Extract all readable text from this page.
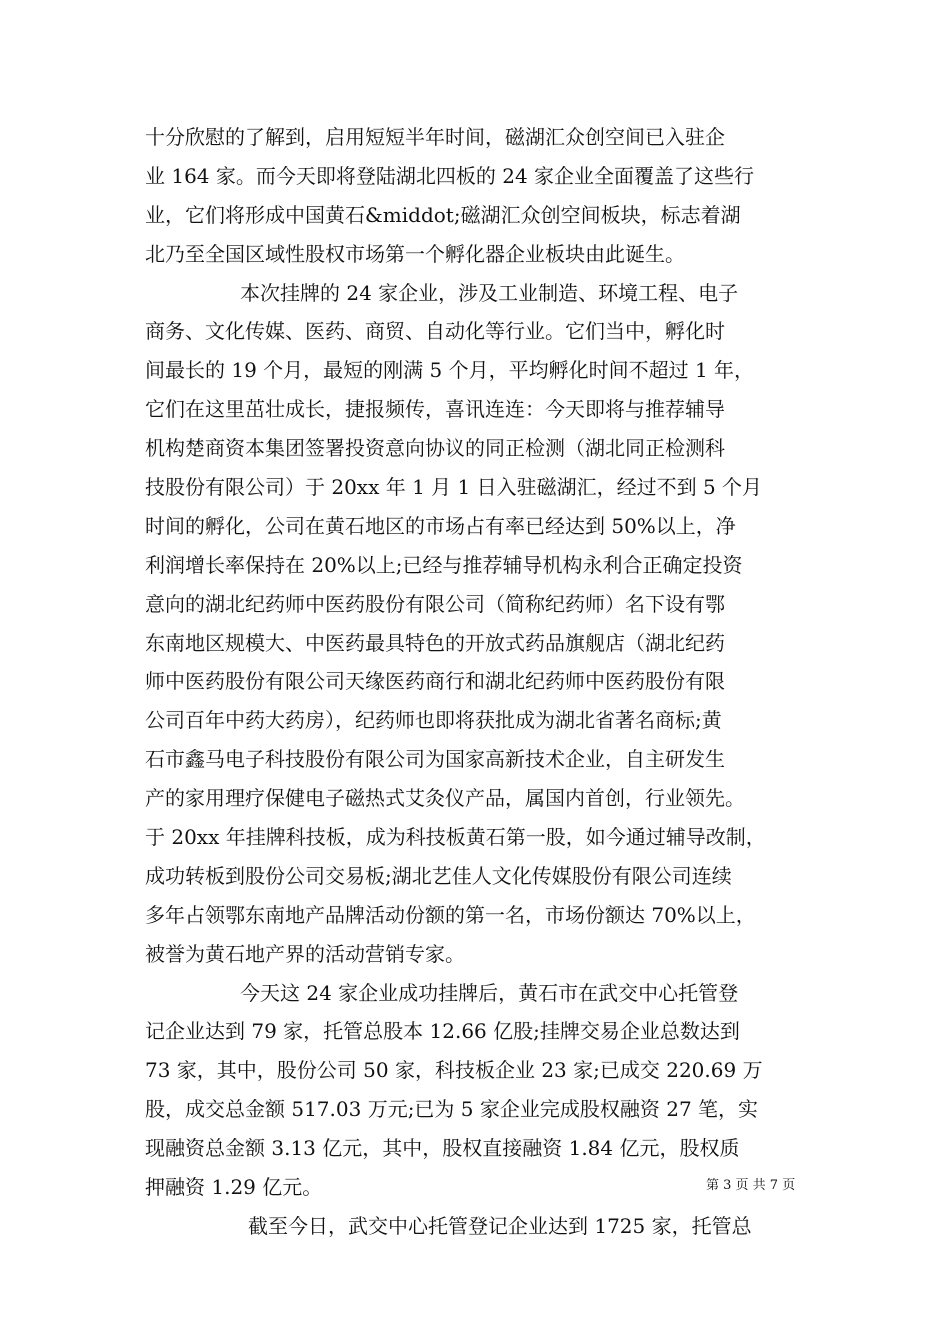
十分欣慰的了解到，启用短短半年时间，磁湖汇众创空间已入驻企
业 164 家。而今天即将登陆湖北四板的 24 家企业全面覆盖了这些行
业，它们将形成中国黄石&middot;磁湖汇众创空间板块，标志着湖
北乃至全国区域性股权市场第一个孵化器企业板块由此诞生。
本次挂牌的 24 家企业，涉及工业制造、环境工程、电子
商务、文化传媒、医药、商贸、自动化等行业。它们当中，孵化时
间最长的 19 个月，最短的刚满 5 个月，平均孵化时间不超过 1 年，
它们在这里茁壮成长，捷报频传，喜讯连连：今天即将与推荐辅导
机构楚商资本集团签署投资意向协议的同正检测（湖北同正检测科
技股份有限公司）于 20xx 年 1 月 1 日入驻磁湖汇，经过不到 5 个月
时间的孵化，公司在黄石地区的市场占有率已经达到 50%以上，净
利润增长率保持在 20%以上;已经与推荐辅导机构永利合正确定投资
意向的湖北纪药师中医药股份有限公司（简称纪药师）名下设有鄂
东南地区规模大、中医药最具特色的开放式药品旗舰店（湖北纪药
师中医药股份有限公司天缘医药商行和湖北纪药师中医药股份有限
公司百年中药大药房），纪药师也即将获批成为湖北省著名商标;黄
石市鑫马电子科技股份有限公司为国家高新技术企业，自主研发生
产的家用理疗保健电子磁热式艾灸仪产品，属国内首创，行业领先。
于 20xx 年挂牌科技板，成为科技板黄石第一股，如今通过辅导改制，
成功转板到股份公司交易板;湖北艺佳人文化传媒股份有限公司连续
多年占领鄂东南地产品牌活动份额的第一名，市场份额达 70%以上，
被誉为黄石地产界的活动营销专家。
今天这 24 家企业成功挂牌后，黄石市在武交中心托管登
记企业达到 79 家，托管总股本 12.66 亿股;挂牌交易企业总数达到
73 家，其中，股份公司 50 家，科技板企业 23 家;已成交 220.69 万
股，成交总金额 517.03 万元;已为 5 家企业完成股权融资 27 笔，实
现融资总金额 3.13 亿元，其中，股权直接融资 1.84 亿元，股权质
押融资 1.29 亿元。
截至今日，武交中心托管登记企业达到 1725 家，托管总
第 3 页 共 7 页
